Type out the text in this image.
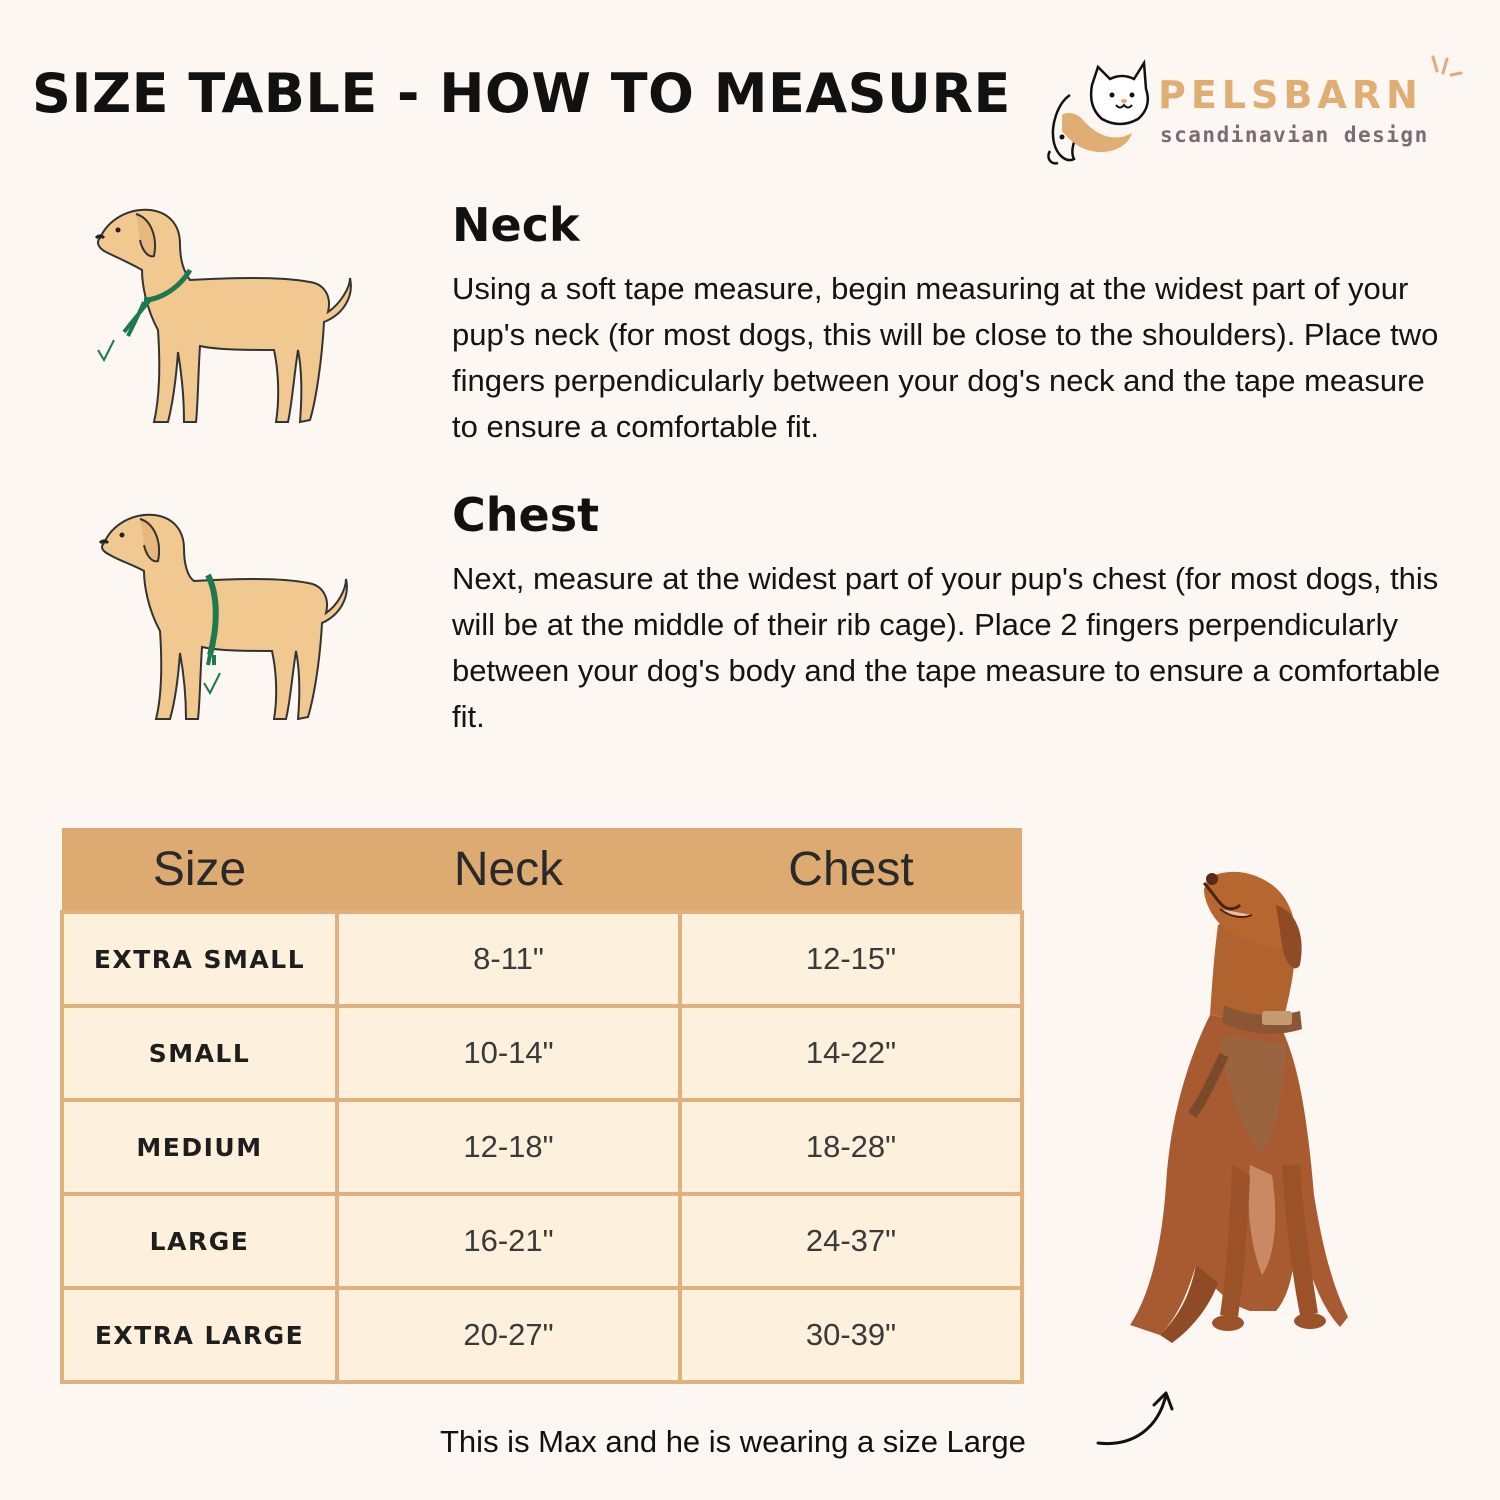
SIZE TABLE - HOW TO MEASURE	PELSBARN
scandinavian design
Neck

Using a soft tape measure, begin measuring at the widest part of your pup's neck (for most dogs, this will be close to the shoulders). Place two fingers perpendicularly between your dog's neck and the tape measure to ensure a comfortable fit.

Chest

Next, measure at the widest part of your pup's chest (for most dogs, this will be at the middle of their rib cage). Place 2 fingers perpendicularly between your dog's body and the tape measure to ensure a comfortable fit.

Size	Neck	Chest
EXTRA SMALL	8-11"	12-15"
SMALL	10-14"	14-22"
MEDIUM	12-18"	18-28"
LARGE	16-21"	24-37"
EXTRA LARGE	20-27"	30-39"
This is Max and he is wearing a size Large
